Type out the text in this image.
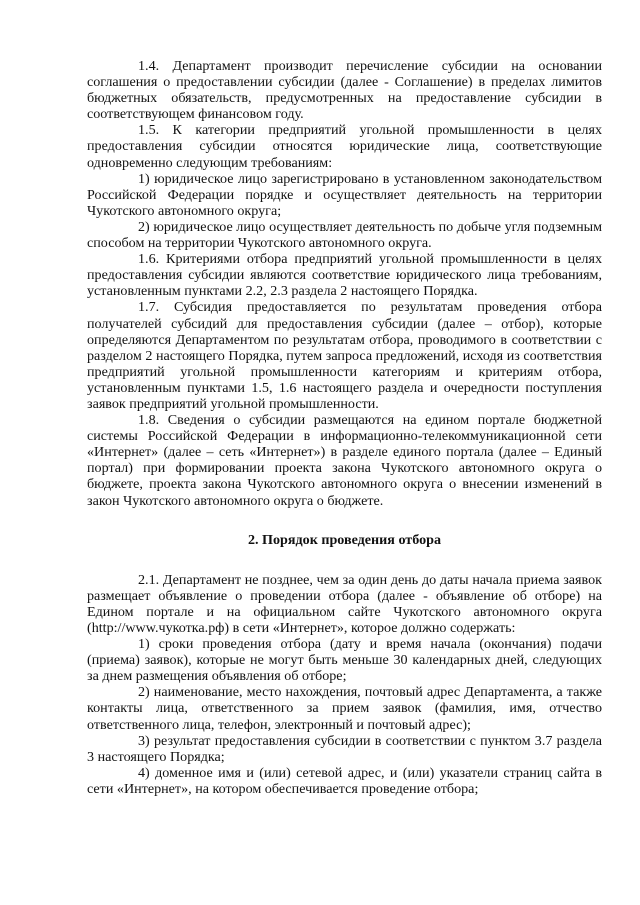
1.4. Департамент производит перечисление субсидии на основании соглашения о предоставлении субсидии (далее - Соглашение) в пределах лимитов бюджетных обязательств, предусмотренных на предоставление субсидии в соответствующем финансовом году.

1.5. К категории предприятий угольной промышленности в целях предоставления субсидии относятся юридические лица, соответствующие одновременно следующим требованиям:

1) юридическое лицо зарегистрировано в установленном законодательством Российской Федерации порядке и осуществляет деятельность на территории Чукотского автономного округа;

2) юридическое лицо осуществляет деятельность по добыче угля подземным способом на территории Чукотского автономного округа.

1.6. Критериями отбора предприятий угольной промышленности в целях предоставления субсидии являются соответствие юридического лица требованиям, установленным пунктами 2.2, 2.3 раздела 2 настоящего Порядка.

1.7. Субсидия предоставляется по результатам проведения отбора получателей субсидий для предоставления субсидии (далее – отбор), которые определяются Департаментом по результатам отбора, проводимого в соответствии с разделом 2 настоящего Порядка, путем запроса предложений, исходя из соответствия предприятий угольной промышленности категориям и критериям отбора, установленным пунктами 1.5, 1.6 настоящего раздела и очередности поступления заявок предприятий угольной промышленности.

1.8. Сведения о субсидии размещаются на едином портале бюджетной системы Российской Федерации в информационно-телекоммуникационной сети «Интернет» (далее – сеть «Интернет») в разделе единого портала (далее – Единый портал) при формировании проекта закона Чукотского автономного округа о бюджете, проекта закона Чукотского автономного округа о внесении изменений в закон Чукотского автономного округа о бюджете.

2. Порядок проведения отбора

2.1. Департамент не позднее, чем за один день до даты начала приема заявок размещает объявление о проведении отбора (далее - объявление об отборе) на Едином портале и на официальном сайте Чукотского автономного округа (http://www.чукотка.рф) в сети «Интернет», которое должно содержать:

1) сроки проведения отбора (дату и время начала (окончания) подачи (приема) заявок), которые не могут быть меньше 30 календарных дней, следующих за днем размещения объявления об отборе;

2) наименование, место нахождения, почтовый адрес Департамента, а также контакты лица, ответственного за прием заявок (фамилия, имя, отчество ответственного лица, телефон, электронный и почтовый адрес);

3) результат предоставления субсидии в соответствии с пунктом 3.7 раздела 3 настоящего Порядка;

4) доменное имя и (или) сетевой адрес, и (или) указатели страниц сайта в сети «Интернет», на котором обеспечивается проведение отбора;
